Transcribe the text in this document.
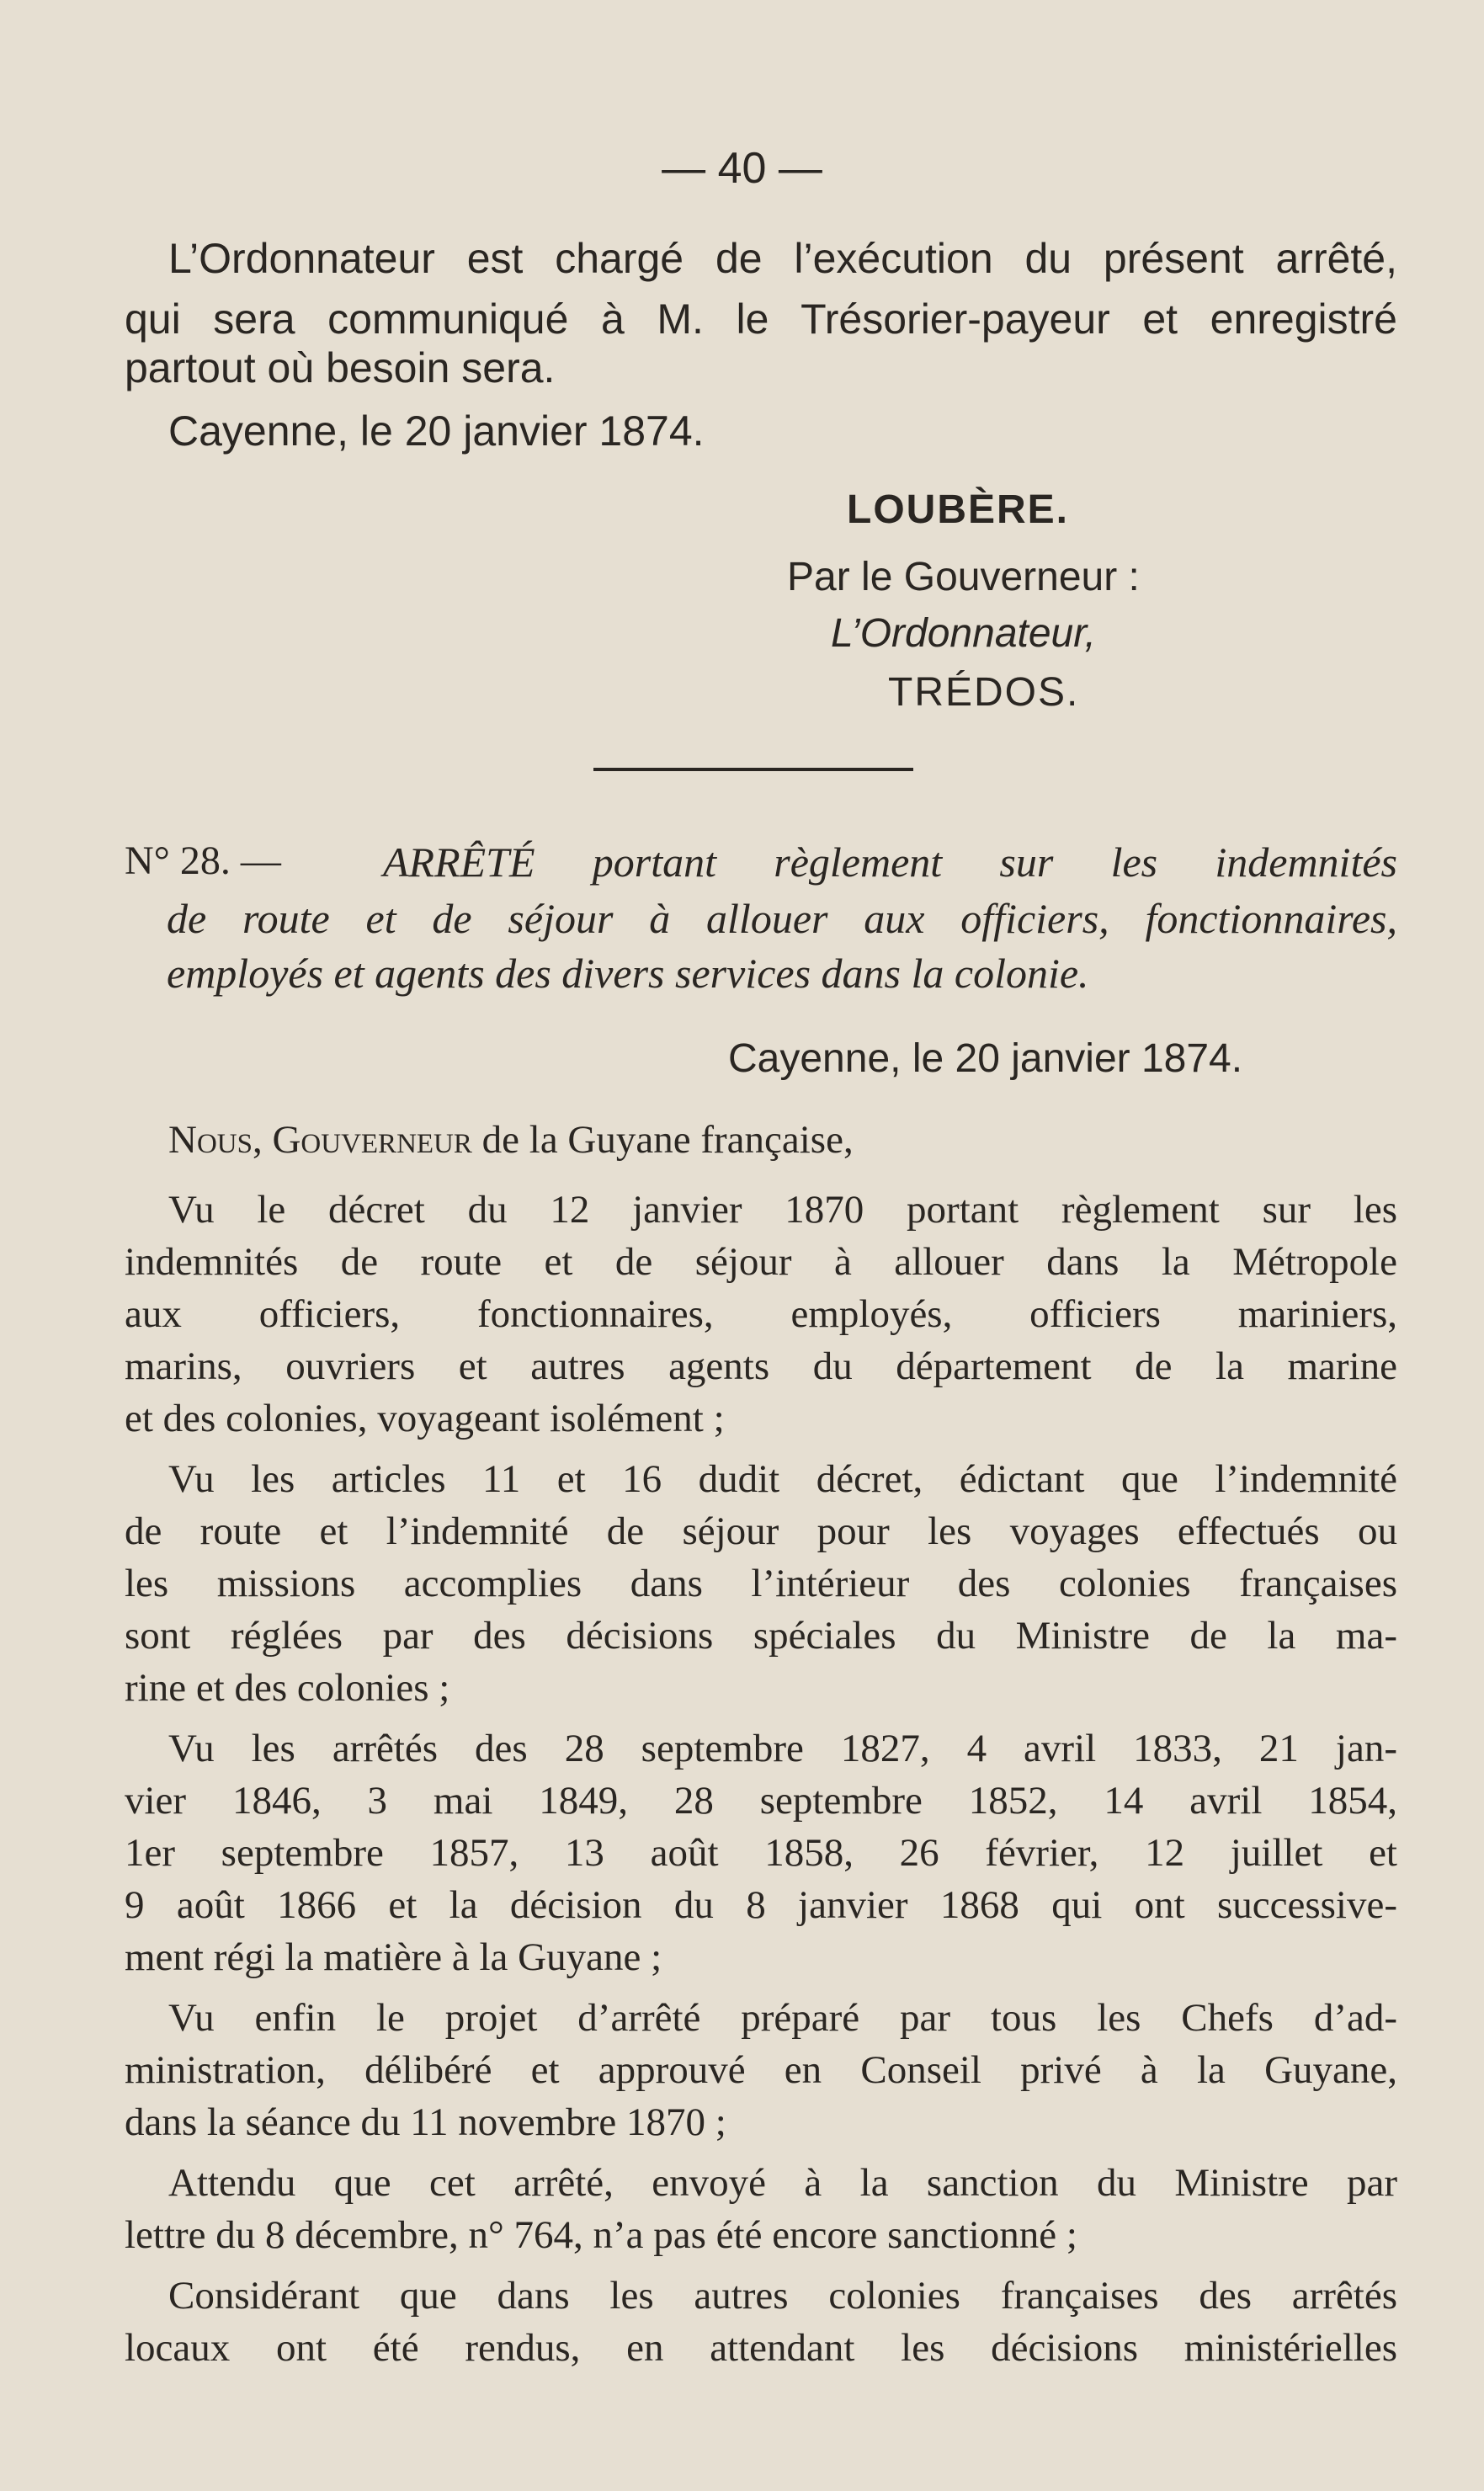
— 40 —
L’Ordonnateur est chargé de l’exécution du présent arrêté,
qui sera communiqué à M. le Trésorier-payeur et enregistré
partout où besoin sera.
Cayenne, le 20 janvier 1874.
LOUBÈRE.
Par le Gouverneur :
L’Ordonnateur,
TRÉDOS.
N° 28. — ARRÊTÉ portant règlement sur les indemnités
de route et de séjour à allouer aux officiers, fonctionnaires,
employés et agents des divers services dans la colonie.
Cayenne, le 20 janvier 1874.
Nous, Gouverneur de la Guyane française,
Vu le décret du 12 janvier 1870 portant règlement sur les
indemnités de route et de séjour à allouer dans la Métropole
aux officiers, fonctionnaires, employés, officiers mariniers,
marins, ouvriers et autres agents du département de la marine
et des colonies, voyageant isolément ;
Vu les articles 11 et 16 dudit décret, édictant que l’indemnité
de route et l’indemnité de séjour pour les voyages effectués ou
les missions accomplies dans l’intérieur des colonies françaises
sont réglées par des décisions spéciales du Ministre de la ma-
rine et des colonies ;
Vu les arrêtés des 28 septembre 1827, 4 avril 1833, 21 jan-
vier 1846, 3 mai 1849, 28 septembre 1852, 14 avril 1854,
1er septembre 1857, 13 août 1858, 26 février, 12 juillet et
9 août 1866 et la décision du 8 janvier 1868 qui ont successive-
ment régi la matière à la Guyane ;
Vu enfin le projet d’arrêté préparé par tous les Chefs d’ad-
ministration, délibéré et approuvé en Conseil privé à la Guyane,
dans la séance du 11 novembre 1870 ;
Attendu que cet arrêté, envoyé à la sanction du Ministre par
lettre du 8 décembre, n° 764, n’a pas été encore sanctionné ;
Considérant que dans les autres colonies françaises des arrêtés
locaux ont été rendus, en attendant les décisions ministérielles
